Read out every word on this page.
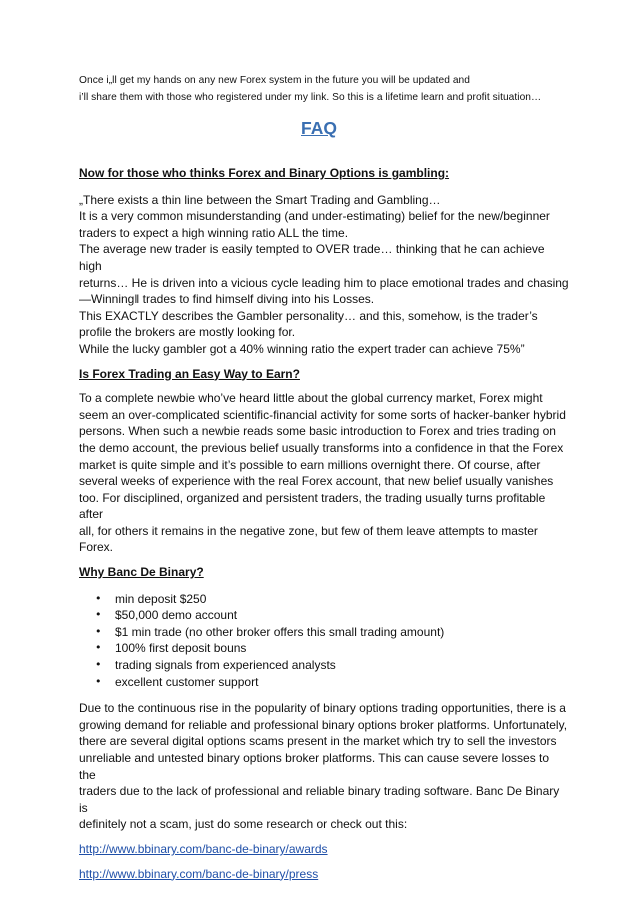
Once i„ll get my hands on any new Forex system in the future you will be updated and

i’ll share them with those who registered under my link. So this is a lifetime learn and profit situation…

FAQ

Now for those who thinks Forex and Binary Options is gambling:

„There exists a thin line between the Smart Trading and Gambling…

It is a very common misunderstanding (and under-estimating) belief for the new/beginner

traders to expect a high winning ratio ALL the time.

The average new trader is easily tempted to OVER trade… thinking that he can achieve high

returns… He is driven into a vicious cycle leading him to place emotional trades and chasing

—Winning‖ trades to find himself diving into his Losses.

This EXACTLY describes the Gambler personality… and this, somehow, is the trader’s

profile the brokers are mostly looking for.

While the lucky gambler got a 40% winning ratio the expert trader can achieve 75%”

Is Forex Trading an Easy Way to Earn?

To a complete newbie who’ve heard little about the global currency market, Forex might

seem an over-complicated scientific-financial activity for some sorts of hacker-banker hybrid

persons. When such a newbie reads some basic introduction to Forex and tries trading on

the demo account, the previous belief usually transforms into a confidence in that the Forex

market is quite simple and it’s possible to earn millions overnight there. Of course, after

several weeks of experience with the real Forex account, that new belief usually vanishes

too. For disciplined, organized and persistent traders, the trading usually turns profitable after

all, for others it remains in the negative zone, but few of them leave attempts to master

Forex.

Why Banc De Binary?

• min deposit $250
• $50,000 demo account
• $1 min trade (no other broker offers this small trading amount)
• 100% first deposit bouns
• trading signals from experienced analysts
• excellent customer support

Due to the continuous rise in the popularity of binary options trading opportunities, there is a

growing demand for reliable and professional binary options broker platforms. Unfortunately,

there are several digital options scams present in the market which try to sell the investors

unreliable and untested binary options broker platforms. This can cause severe losses to the

traders due to the lack of professional and reliable binary trading software. Banc De Binary is

definitely not a scam, just do some research or check out this:

http://www.bbinary.com/banc-de-binary/awards

http://www.bbinary.com/banc-de-binary/press
